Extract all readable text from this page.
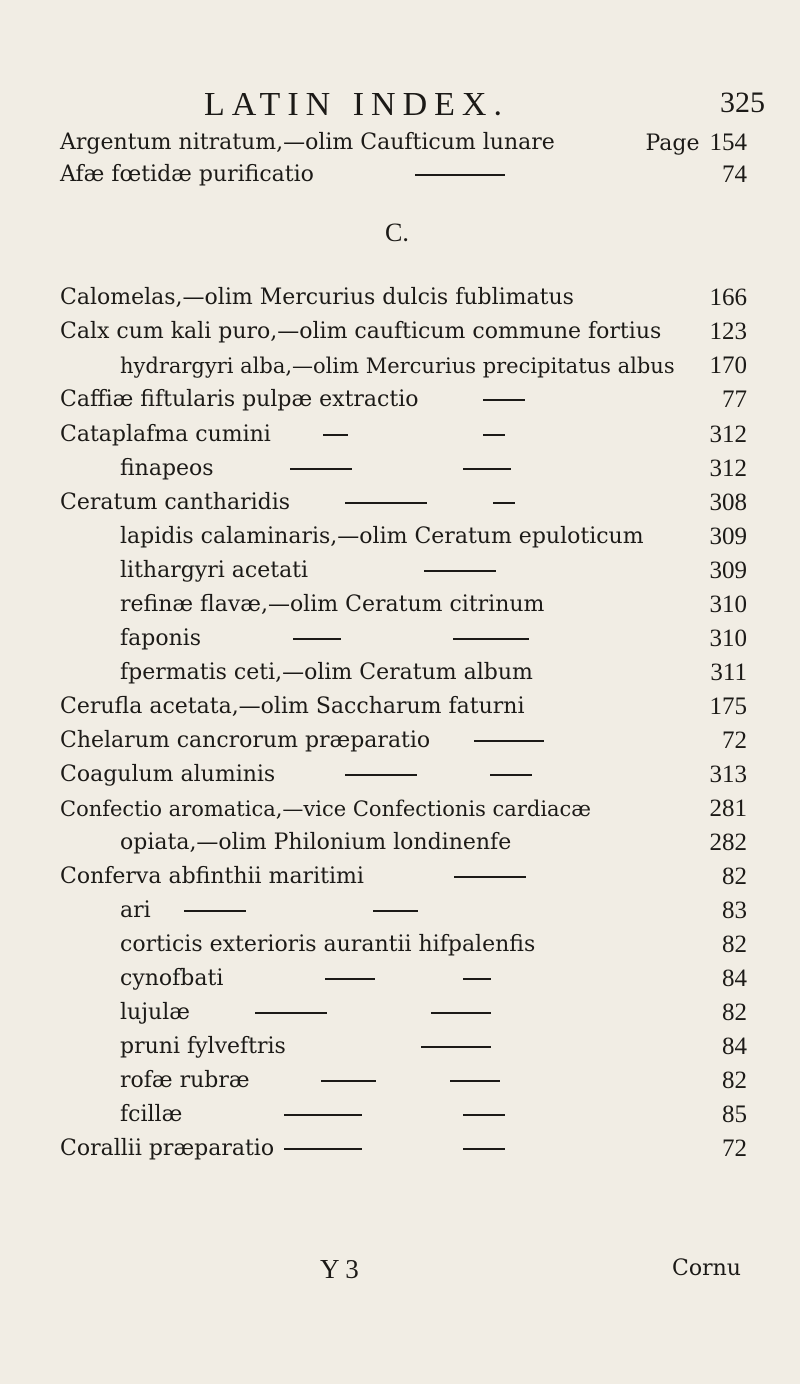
LATIN INDEX.	325
Argentum nitratum,—olim Caufticum lunare	Page 154
Afæ fœtidæ purificatio	74
C.
Calomelas,—olim Mercurius dulcis fublimatus	166
Calx cum kali puro,—olim caufticum commune fortius 123
hydrargyri alba,—olim Mercurius precipitatus albus 170
Caffiæ fiftularis pulpæ extractio	77
Cataplafma cumini	312
finapeos	312
Ceratum cantharidis	308
lapidis calaminaris,—olim Ceratum epuloticum	309
lithargyri acetati	309
refinæ flavæ,—olim Ceratum citrinum	310
faponis	310
fpermatis ceti,—olim Ceratum album	311
Cerufla acetata,—olim Saccharum faturni	175
Chelarum cancrorum præparatio	72
Coagulum aluminis	313
Confectio aromatica,—vice Confectionis cardiacæ	281
opiata,—olim Philonium londinenfe	282
Conferva abfinthii maritimi	82
ari	83
corticis exterioris aurantii hifpalenfis	82
cynofbati	84
lujulæ	82
pruni fylveftris	84
rofæ rubræ	82
fcillæ	85
Corallii præparatio	72
Y 3	Cornu
